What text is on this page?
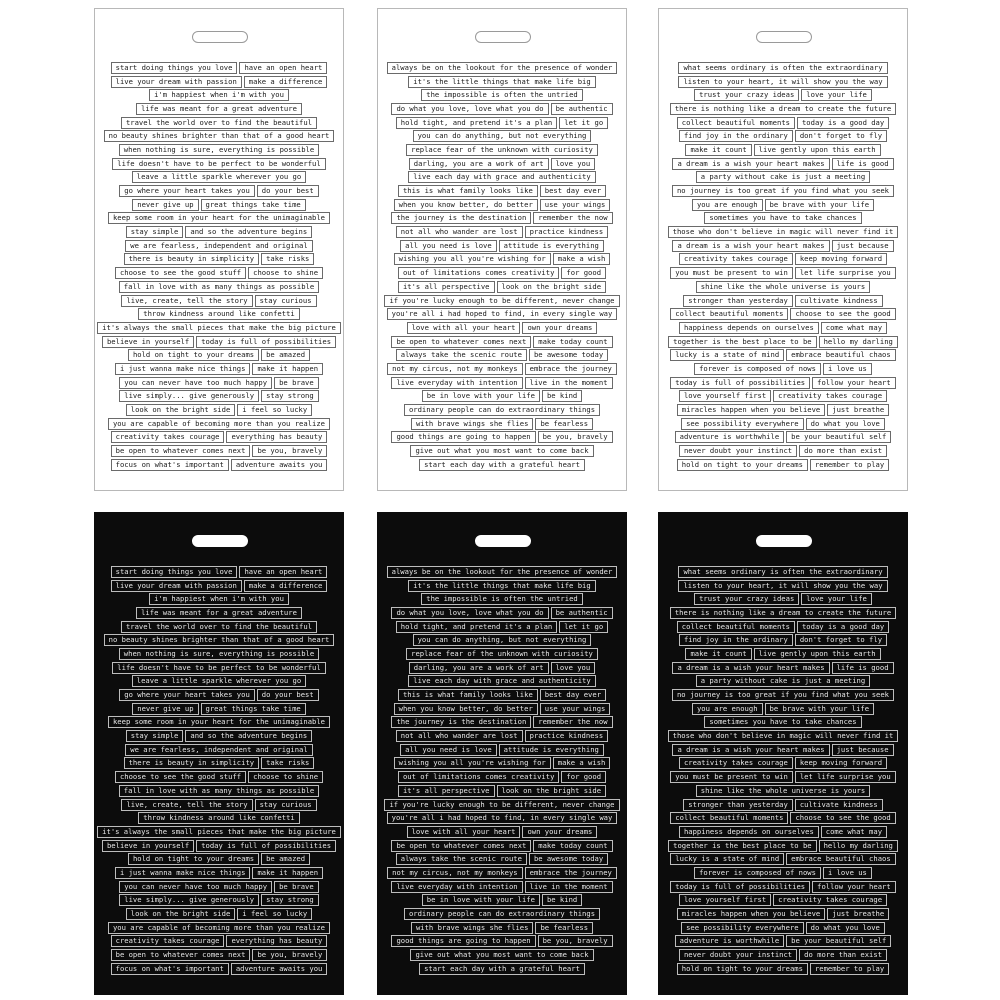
start doing things you love	have an open heart
live your dream with passion	make a difference
i'm happiest when i'm with you
life was meant for a great adventure
travel the world over to find the beautiful
no beauty shines brighter than that of a good heart
when nothing is sure, everything is possible
life doesn't have to be perfect to be wonderful
leave a little sparkle wherever you go
go where your heart takes you	do your best
never give up	great things take time
keep some room in your heart for the unimaginable
stay simple	and so the adventure begins
we are fearless, independent and original
there is beauty in simplicity	take risks
choose to see the good stuff	choose to shine
fall in love with as many things as possible
live, create, tell the story	stay curious
throw kindness around like confetti
it's always the small pieces that make the big picture
believe in yourself	today is full of possibilities
hold on tight to your dreams	be amazed
i just wanna make nice things	make it happen
you can never have too much happy	be brave
live simply... give generously	stay strong
look on the bright side	i feel so lucky
you are capable of becoming more than you realize
creativity takes courage	everything has beauty
be open to whatever comes next	be you, bravely
focus on what's important	adventure awaits you
always be on the lookout for the presence of wonder
it's the little things that make life big
the impossible is often the untried
do what you love, love what you do	be authentic
hold tight, and pretend it's a plan	let it go
you can do anything, but not everything
replace fear of the unknown with curiosity
darling, you are a work of art	love you
live each day with grace and authenticity
this is what family looks like	best day ever
when you know better, do better	use your wings
the journey is the destination	remember the now
not all who wander are lost	practice kindness
all you need is love	attitude is everything
wishing you all you're wishing for	make a wish
out of limitations comes creativity	for good
it's all perspective	look on the bright side
if you're lucky enough to be different, never change
you're all i had hoped to find, in every single way
love with all your heart	own your dreams
be open to whatever comes next	make today count
always take the scenic route	be awesome today
not my circus, not my monkeys	embrace the journey
live everyday with intention	live in the moment
be in love with your life	be kind
ordinary people can do extraordinary things
with brave wings she flies	be fearless
good things are going to happen	be you, bravely
give out what you most want to come back
start each day with a grateful heart
what seems ordinary is often the extraordinary
listen to your heart, it will show you the way
trust your crazy ideas	love your life
there is nothing like a dream to create the future
collect beautiful moments	today is a good day
find joy in the ordinary	don't forget to fly
make it count	live gently upon this earth
a dream is a wish your heart makes	life is good
a party without cake is just a meeting
no journey is too great if you find what you seek
you are enough	be brave with your life
sometimes you have to take chances
those who don't believe in magic will never find it
a dream is a wish your heart makes	just because
creativity takes courage	keep moving forward
you must be present to win	let life surprise you
shine like the whole universe is yours
stronger than yesterday	cultivate kindness
collect beautiful moments	choose to see the good
happiness depends on ourselves	come what may
together is the best place to be	hello my darling
lucky is a state of mind	embrace beautiful chaos
forever is composed of nows	i love us
today is full of possibilities	follow your heart
love yourself first	creativity takes courage
miracles happen when you believe	just breathe
see possibility everywhere	do what you love
adventure is worthwhile	be your beautiful self
never doubt your instinct	do more than exist
hold on tight to your dreams	remember to play
start doing things you love	have an open heart
live your dream with passion	make a difference
i'm happiest when i'm with you
life was meant for a great adventure
travel the world over to find the beautiful
no beauty shines brighter than that of a good heart
when nothing is sure, everything is possible
life doesn't have to be perfect to be wonderful
leave a little sparkle wherever you go
go where your heart takes you	do your best
never give up	great things take time
keep some room in your heart for the unimaginable
stay simple	and so the adventure begins
we are fearless, independent and original
there is beauty in simplicity	take risks
choose to see the good stuff	choose to shine
fall in love with as many things as possible
live, create, tell the story	stay curious
throw kindness around like confetti
it's always the small pieces that make the big picture
believe in yourself	today is full of possibilities
hold on tight to your dreams	be amazed
i just wanna make nice things	make it happen
you can never have too much happy	be brave
live simply... give generously	stay strong
look on the bright side	i feel so lucky
you are capable of becoming more than you realize
creativity takes courage	everything has beauty
be open to whatever comes next	be you, bravely
focus on what's important	adventure awaits you
always be on the lookout for the presence of wonder
it's the little things that make life big
the impossible is often the untried
do what you love, love what you do	be authentic
hold tight, and pretend it's a plan	let it go
you can do anything, but not everything
replace fear of the unknown with curiosity
darling, you are a work of art	love you
live each day with grace and authenticity
this is what family looks like	best day ever
when you know better, do better	use your wings
the journey is the destination	remember the now
not all who wander are lost	practice kindness
all you need is love	attitude is everything
wishing you all you're wishing for	make a wish
out of limitations comes creativity	for good
it's all perspective	look on the bright side
if you're lucky enough to be different, never change
you're all i had hoped to find, in every single way
love with all your heart	own your dreams
be open to whatever comes next	make today count
always take the scenic route	be awesome today
not my circus, not my monkeys	embrace the journey
live everyday with intention	live in the moment
be in love with your life	be kind
ordinary people can do extraordinary things
with brave wings she flies	be fearless
good things are going to happen	be you, bravely
give out what you most want to come back
start each day with a grateful heart
what seems ordinary is often the extraordinary
listen to your heart, it will show you the way
trust your crazy ideas	love your life
there is nothing like a dream to create the future
collect beautiful moments	today is a good day
find joy in the ordinary	don't forget to fly
make it count	live gently upon this earth
a dream is a wish your heart makes	life is good
a party without cake is just a meeting
no journey is too great if you find what you seek
you are enough	be brave with your life
sometimes you have to take chances
those who don't believe in magic will never find it
a dream is a wish your heart makes	just because
creativity takes courage	keep moving forward
you must be present to win	let life surprise you
shine like the whole universe is yours
stronger than yesterday	cultivate kindness
collect beautiful moments	choose to see the good
happiness depends on ourselves	come what may
together is the best place to be	hello my darling
lucky is a state of mind	embrace beautiful chaos
forever is composed of nows	i love us
today is full of possibilities	follow your heart
love yourself first	creativity takes courage
miracles happen when you believe	just breathe
see possibility everywhere	do what you love
adventure is worthwhile	be your beautiful self
never doubt your instinct	do more than exist
hold on tight to your dreams	remember to play
